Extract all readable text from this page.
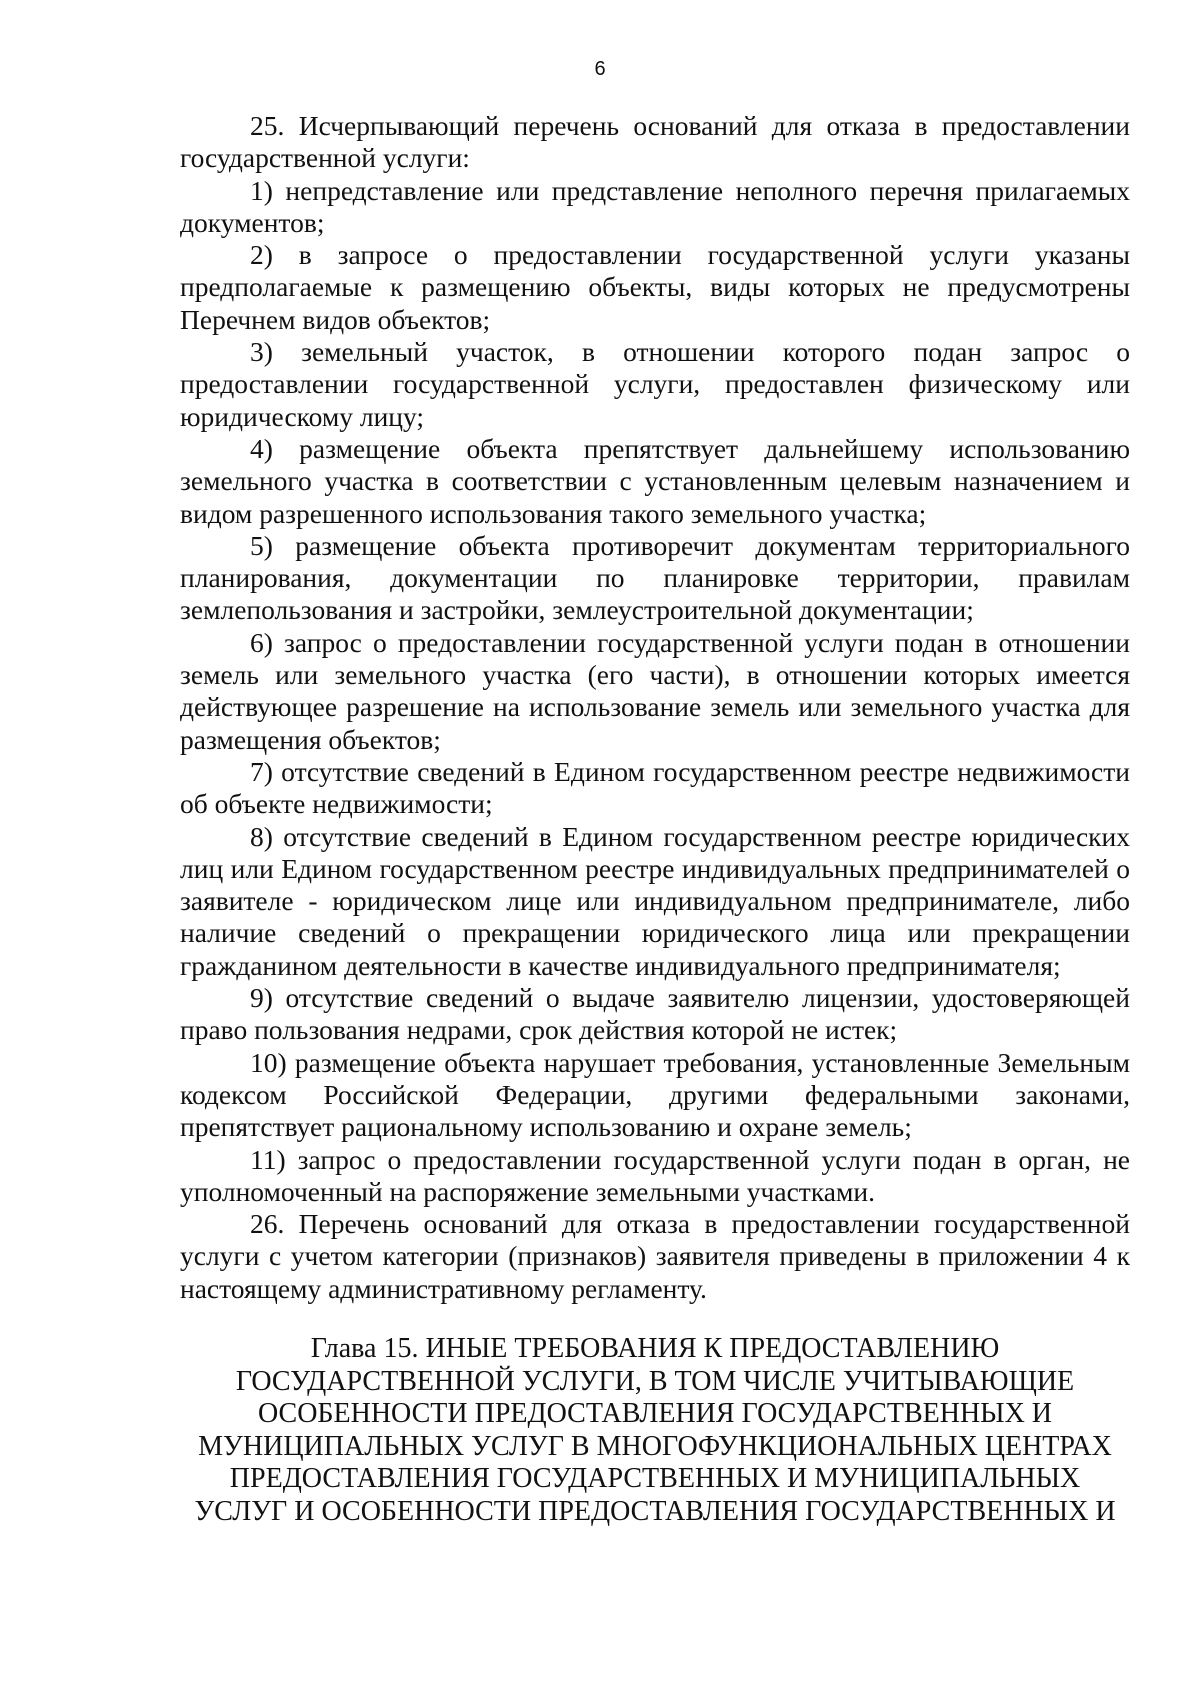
6

25. Исчерпывающий перечень оснований для отказа в предоставлении государственной услуги:

1) непредставление или представление неполного перечня прилагаемых документов;

2) в запросе о предоставлении государственной услуги указаны предполагаемые к размещению объекты, виды которых не предусмотрены Перечнем видов объектов;

3) земельный участок, в отношении которого подан запрос о предоставлении государственной услуги, предоставлен физическому или юридическому лицу;

4) размещение объекта препятствует дальнейшему использованию земельного участка в соответствии с установленным целевым назначением и видом разрешенного использования такого земельного участка;

5) размещение объекта противоречит документам территориального планирования, документации по планировке территории, правилам землепользования и застройки, землеустроительной документации;

6) запрос о предоставлении государственной услуги подан в отношении земель или земельного участка (его части), в отношении которых имеется действующее разрешение на использование земель или земельного участка для размещения объектов;

7) отсутствие сведений в Едином государственном реестре недвижимости об объекте недвижимости;

8) отсутствие сведений в Едином государственном реестре юридических лиц или Едином государственном реестре индивидуальных предпринимателей о заявителе - юридическом лице или индивидуальном предпринимателе, либо наличие сведений о прекращении юридического лица или прекращении гражданином деятельности в качестве индивидуального предпринимателя;

9) отсутствие сведений о выдаче заявителю лицензии, удостоверяющей право пользования недрами, срок действия которой не истек;

10) размещение объекта нарушает требования, установленные Земельным кодексом Российской Федерации, другими федеральными законами, препятствует рациональному использованию и охране земель;

11) запрос о предоставлении государственной услуги подан в орган, не уполномоченный на распоряжение земельными участками.

26. Перечень оснований для отказа в предоставлении государственной услуги с учетом категории (признаков) заявителя приведены в приложении 4 к настоящему административному регламенту.

Глава 15. ИНЫЕ ТРЕБОВАНИЯ К ПРЕДОСТАВЛЕНИЮ ГОСУДАРСТВЕННОЙ УСЛУГИ, В ТОМ ЧИСЛЕ УЧИТЫВАЮЩИЕ ОСОБЕННОСТИ ПРЕДОСТАВЛЕНИЯ ГОСУДАРСТВЕННЫХ И МУНИЦИПАЛЬНЫХ УСЛУГ В МНОГОФУНКЦИОНАЛЬНЫХ ЦЕНТРАХ ПРЕДОСТАВЛЕНИЯ ГОСУДАРСТВЕННЫХ И МУНИЦИПАЛЬНЫХ УСЛУГ И ОСОБЕННОСТИ ПРЕДОСТАВЛЕНИЯ ГОСУДАРСТВЕННЫХ И
